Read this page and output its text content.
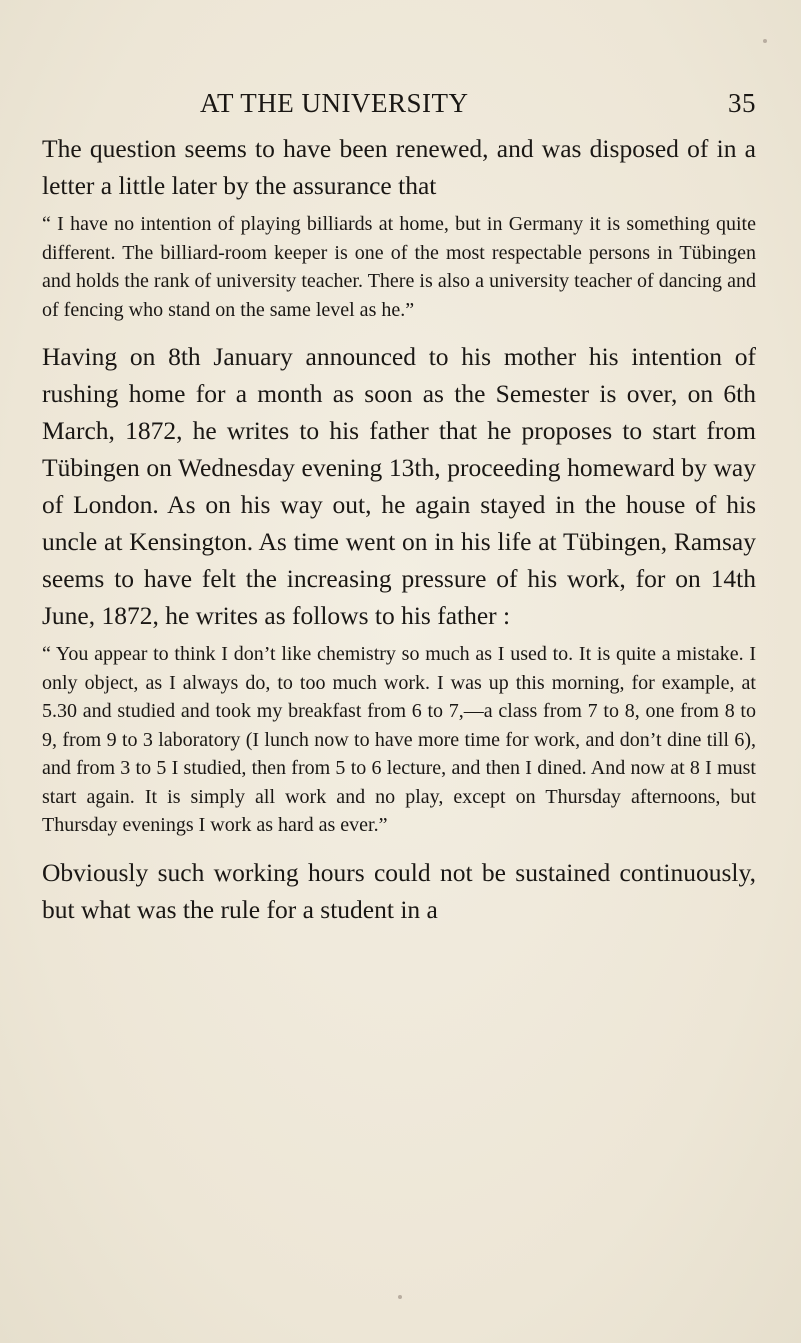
AT THE UNIVERSITY	35

The question seems to have been renewed, and was disposed of in a letter a little later by the assurance that

“ I have no intention of playing billiards at home, but in Germany it is something quite different. The billiard-room keeper is one of the most respectable persons in Tübingen and holds the rank of university teacher. There is also a university teacher of dancing and of fencing who stand on the same level as he.”

Having on 8th January announced to his mother his intention of rushing home for a month as soon as the Semester is over, on 6th March, 1872, he writes to his father that he proposes to start from Tübingen on Wednesday evening 13th, proceeding homeward by way of London. As on his way out, he again stayed in the house of his uncle at Kensington. As time went on in his life at Tübingen, Ramsay seems to have felt the increasing pressure of his work, for on 14th June, 1872, he writes as follows to his father :

“ You appear to think I don’t like chemistry so much as I used to. It is quite a mistake. I only object, as I always do, to too much work. I was up this morning, for example, at 5.30 and studied and took my breakfast from 6 to 7,—a class from 7 to 8, one from 8 to 9, from 9 to 3 laboratory (I lunch now to have more time for work, and don’t dine till 6), and from 3 to 5 I studied, then from 5 to 6 lecture, and then I dined. And now at 8 I must start again. It is simply all work and no play, except on Thursday afternoons, but Thursday evenings I work as hard as ever.”

Obviously such working hours could not be sustained continuously, but what was the rule for a student in a
